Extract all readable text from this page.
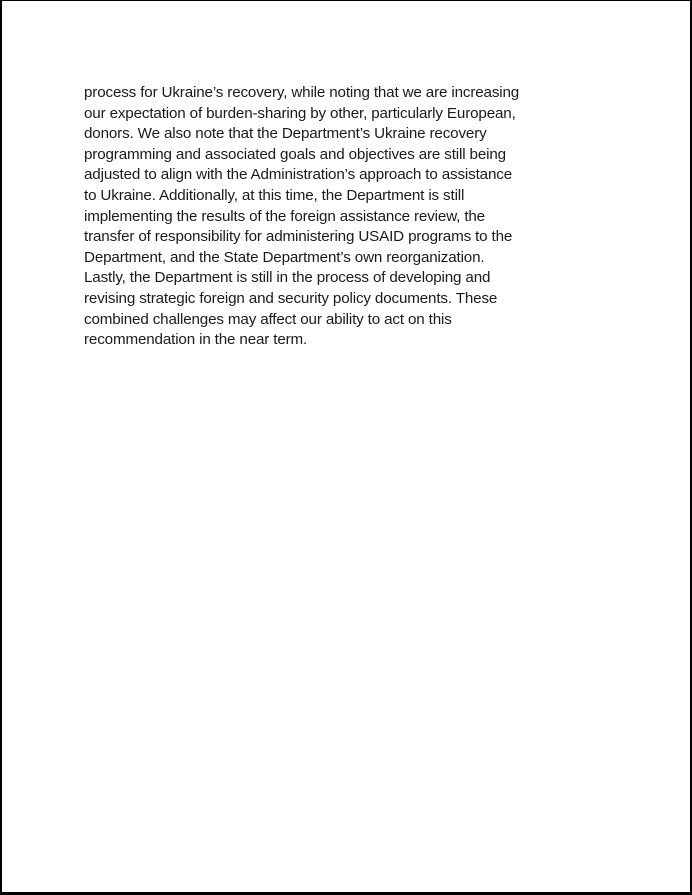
process for Ukraine’s recovery, while noting that we are increasing
our expectation of burden-sharing by other, particularly European,
donors. We also note that the Department’s Ukraine recovery
programming and associated goals and objectives are still being
adjusted to align with the Administration’s approach to assistance
to Ukraine. Additionally, at this time, the Department is still
implementing the results of the foreign assistance review, the
transfer of responsibility for administering USAID programs to the
Department, and the State Department’s own reorganization.
Lastly, the Department is still in the process of developing and
revising strategic foreign and security policy documents. These
combined challenges may affect our ability to act on this
recommendation in the near term.
